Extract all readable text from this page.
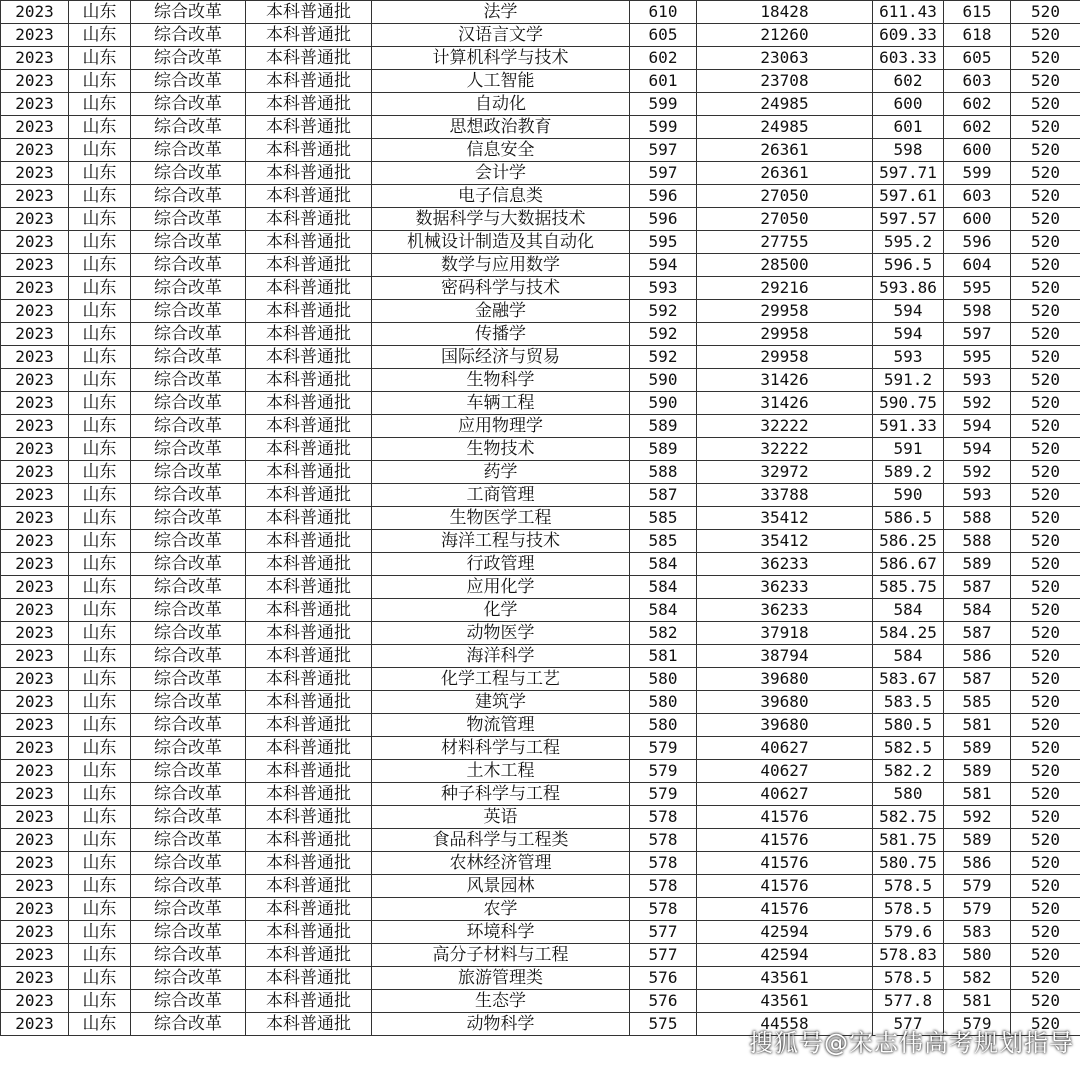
2023	山东	综合改革	本科普通批	法学	610	18428	611.43	615	520
2023	山东	综合改革	本科普通批	汉语言文学	605	21260	609.33	618	520
2023	山东	综合改革	本科普通批	计算机科学与技术	602	23063	603.33	605	520
2023	山东	综合改革	本科普通批	人工智能	601	23708	602	603	520
2023	山东	综合改革	本科普通批	自动化	599	24985	600	602	520
2023	山东	综合改革	本科普通批	思想政治教育	599	24985	601	602	520
2023	山东	综合改革	本科普通批	信息安全	597	26361	598	600	520
2023	山东	综合改革	本科普通批	会计学	597	26361	597.71	599	520
2023	山东	综合改革	本科普通批	电子信息类	596	27050	597.61	603	520
2023	山东	综合改革	本科普通批	数据科学与大数据技术	596	27050	597.57	600	520
2023	山东	综合改革	本科普通批	机械设计制造及其自动化	595	27755	595.2	596	520
2023	山东	综合改革	本科普通批	数学与应用数学	594	28500	596.5	604	520
2023	山东	综合改革	本科普通批	密码科学与技术	593	29216	593.86	595	520
2023	山东	综合改革	本科普通批	金融学	592	29958	594	598	520
2023	山东	综合改革	本科普通批	传播学	592	29958	594	597	520
2023	山东	综合改革	本科普通批	国际经济与贸易	592	29958	593	595	520
2023	山东	综合改革	本科普通批	生物科学	590	31426	591.2	593	520
2023	山东	综合改革	本科普通批	车辆工程	590	31426	590.75	592	520
2023	山东	综合改革	本科普通批	应用物理学	589	32222	591.33	594	520
2023	山东	综合改革	本科普通批	生物技术	589	32222	591	594	520
2023	山东	综合改革	本科普通批	药学	588	32972	589.2	592	520
2023	山东	综合改革	本科普通批	工商管理	587	33788	590	593	520
2023	山东	综合改革	本科普通批	生物医学工程	585	35412	586.5	588	520
2023	山东	综合改革	本科普通批	海洋工程与技术	585	35412	586.25	588	520
2023	山东	综合改革	本科普通批	行政管理	584	36233	586.67	589	520
2023	山东	综合改革	本科普通批	应用化学	584	36233	585.75	587	520
2023	山东	综合改革	本科普通批	化学	584	36233	584	584	520
2023	山东	综合改革	本科普通批	动物医学	582	37918	584.25	587	520
2023	山东	综合改革	本科普通批	海洋科学	581	38794	584	586	520
2023	山东	综合改革	本科普通批	化学工程与工艺	580	39680	583.67	587	520
2023	山东	综合改革	本科普通批	建筑学	580	39680	583.5	585	520
2023	山东	综合改革	本科普通批	物流管理	580	39680	580.5	581	520
2023	山东	综合改革	本科普通批	材料科学与工程	579	40627	582.5	589	520
2023	山东	综合改革	本科普通批	土木工程	579	40627	582.2	589	520
2023	山东	综合改革	本科普通批	种子科学与工程	579	40627	580	581	520
2023	山东	综合改革	本科普通批	英语	578	41576	582.75	592	520
2023	山东	综合改革	本科普通批	食品科学与工程类	578	41576	581.75	589	520
2023	山东	综合改革	本科普通批	农林经济管理	578	41576	580.75	586	520
2023	山东	综合改革	本科普通批	风景园林	578	41576	578.5	579	520
2023	山东	综合改革	本科普通批	农学	578	41576	578.5	579	520
2023	山东	综合改革	本科普通批	环境科学	577	42594	579.6	583	520
2023	山东	综合改革	本科普通批	高分子材料与工程	577	42594	578.83	580	520
2023	山东	综合改革	本科普通批	旅游管理类	576	43561	578.5	582	520
2023	山东	综合改革	本科普通批	生态学	576	43561	577.8	581	520
2023	山东	综合改革	本科普通批	动物科学	575	44558	577	579	520
搜狐号@宋志伟高考规划指导
